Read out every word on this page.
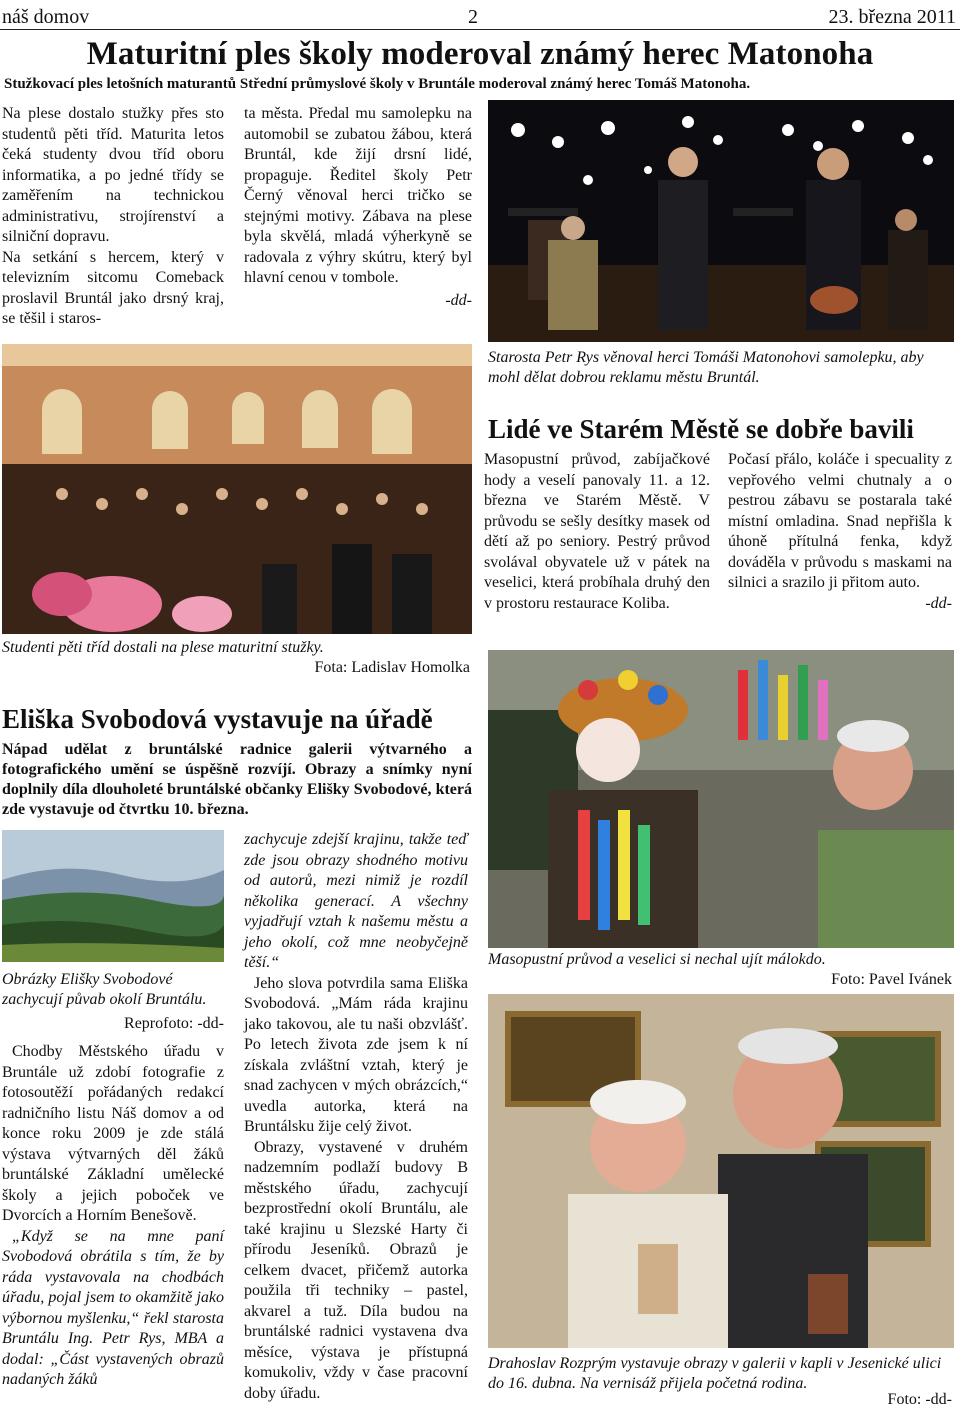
náš domov	2	23. března 2011
Maturitní ples školy moderoval známý herec Matonoha
Stužkovací ples letošních maturantů Střední průmyslové školy v Bruntále moderoval známý herec Tomáš Matonoha.

Na plese dostalo stužky přes sto studentů pěti tříd. Maturita letos čeká studenty dvou tříd oboru informatika, a po jedné třídy se zaměřením na technickou administrativu, strojírenství a silniční dopravu.

Na setkání s hercem, který v televizním sitcomu Comeback proslavil Bruntál jako drsný kraj, se těšil i staros-

ta města. Předal mu samolepku na automobil se zubatou žábou, která Bruntál, kde žijí drsní lidé, propaguje. Ředitel školy Petr Černý věnoval herci tričko se stejnými motivy. Zábava na plese byla skvělá, mladá výherkyně se radovala z výhry skútru, který byl hlavní cenou v tombole.

-dd-

Starosta Petr Rys věnoval herci Tomáši Matonohovi samolepku, aby mohl dělat dobrou reklamu městu Bruntál.
Studenti pěti tříd dostali na plese maturitní stužky.
Fota: Ladislav Homolka
Lidé ve Starém Městě se dobře bavili
Masopustní průvod, zabíjačkové hody a veselí panovaly 11. a 12. března ve Starém Městě. V průvodu se sešly desítky masek od dětí až po seniory. Pestrý průvod svolával obyvatele už v pátek na veselici, která probíhala druhý den v prostoru restaurace Koliba.

Počasí přálo, koláče i specuality z vepřového velmi chutnaly a o pestrou zábavu se postarala také místní omladina. Snad nepřišla k úhoně přítulná fenka, když dováděla v průvodu s maskami na silnici a srazilo ji přitom auto.

-dd-

Masopustní průvod a veselici si nechal ujít málokdo.
Foto: Pavel Ivánek
Eliška Svobodová vystavuje na úřadě
Nápad udělat z bruntálské radnice galerii výtvarného a fotografického umění se úspěšně rozvíjí. Obrazy a snímky nyní doplnily díla dlouholeté bruntálské občanky Elišky Svobodové, která zde vystavuje od čtvrtku 10. března.
Obrázky Elišky Svobodové zachycují půvab okolí Bruntálu.
Reprofoto: -dd-

Chodby Městského úřadu v Bruntále už zdobí fotografie z fotosoutěží pořádaných redakcí radničního listu Náš domov a od konce roku 2009 je zde stálá výstava výtvarných děl žáků bruntálské Základní umělecké školy a jejich poboček ve Dvorcích a Horním Benešově.

„Když se na mne paní Svobodová obrátila s tím, že by ráda vystavovala na chodbách úřadu, pojal jsem to okamžitě jako výbornou myšlenku,“ řekl starosta Bruntálu Ing. Petr Rys, MBA a dodal: „Část vystavených obrazů nadaných žáků

zachycuje zdejší krajinu, takže teď zde jsou obrazy shodného motivu od autorů, mezi nimiž je rozdíl několika generací. A všechny vyjadřují vztah k našemu městu a jeho okolí, což mne neobyčejně těší.“

Jeho slova potvrdila sama Eliška Svobodová. „Mám ráda krajinu jako takovou, ale tu naši obzvlášť. Po letech života zde jsem k ní získala zvláštní vztah, který je snad zachycen v mých obrázcích,“ uvedla autorka, která na Bruntálsku žije celý život.

Obrazy, vystavené v druhém nadzemním podlaží budovy B městského úřadu, zachycují bezprostřední okolí Bruntálu, ale také krajinu u Slezské Harty či přírodu Jeseníků. Obrazů je celkem dvacet, přičemž autorka použila tři techniky – pastel, akvarel a tuž. Díla budou na bruntálské radnici vystavena dva měsíce, výstava je přístupná komukoliv, vždy v čase pracovní doby úřadu.

Drahoslav Rozprým vystavuje obrazy v galerii v kapli v Jesenické ulici do 16. dubna. Na vernisáž přijela početná rodina.
Foto: -dd-
